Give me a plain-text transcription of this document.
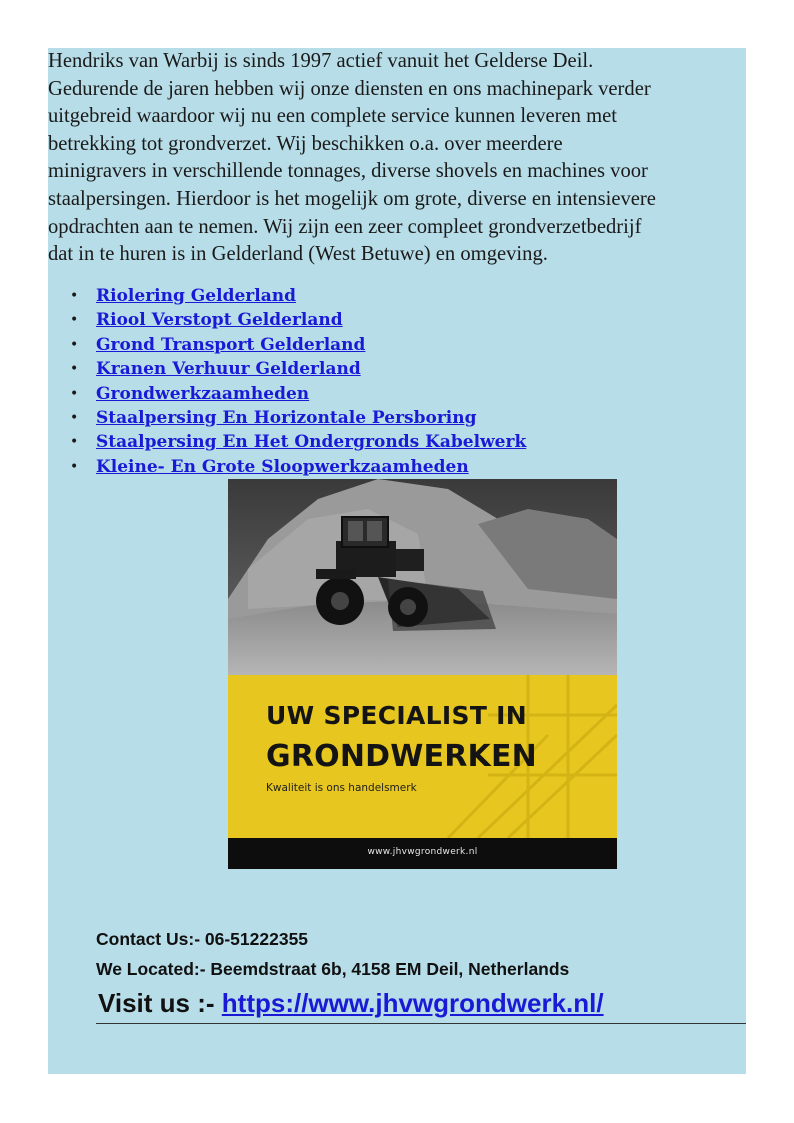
Hendriks van Warbij is sinds 1997 actief vanuit het Gelderse Deil.
Gedurende de jaren hebben wij onze diensten en ons machinepark verder
uitgebreid waardoor wij nu een complete service kunnen leveren met
betrekking tot grondverzet. Wij beschikken o.a. over meerdere
minigravers in verschillende tonnages, diverse shovels en machines voor
staalpersingen. Hierdoor is het mogelijk om grote, diverse en intensievere
opdrachten aan te nemen. Wij zijn een zeer compleet grondverzetbedrijf
dat in te huren is in Gelderland (West Betuwe) en omgeving.

• Riolering Gelderland
• Riool Verstopt Gelderland
• Grond Transport Gelderland
• Kranen Verhuur Gelderland
• Grondwerkzaamheden
• Staalpersing En Horizontale Persboring
• Staalpersing En Het Ondergronds Kabelwerk
• Kleine- En Grote Sloopwerkzaamheden
UW SPECIALIST IN
GRONDWERKEN
Kwaliteit is ons handelsmerk
www.jhvwgrondwerk.nl
Contact Us:- 06-51222355
We Located:- Beemdstraat 6b, 4158 EM Deil, Netherlands
Visit us :- https://www.jhvwgrondwerk.nl/
